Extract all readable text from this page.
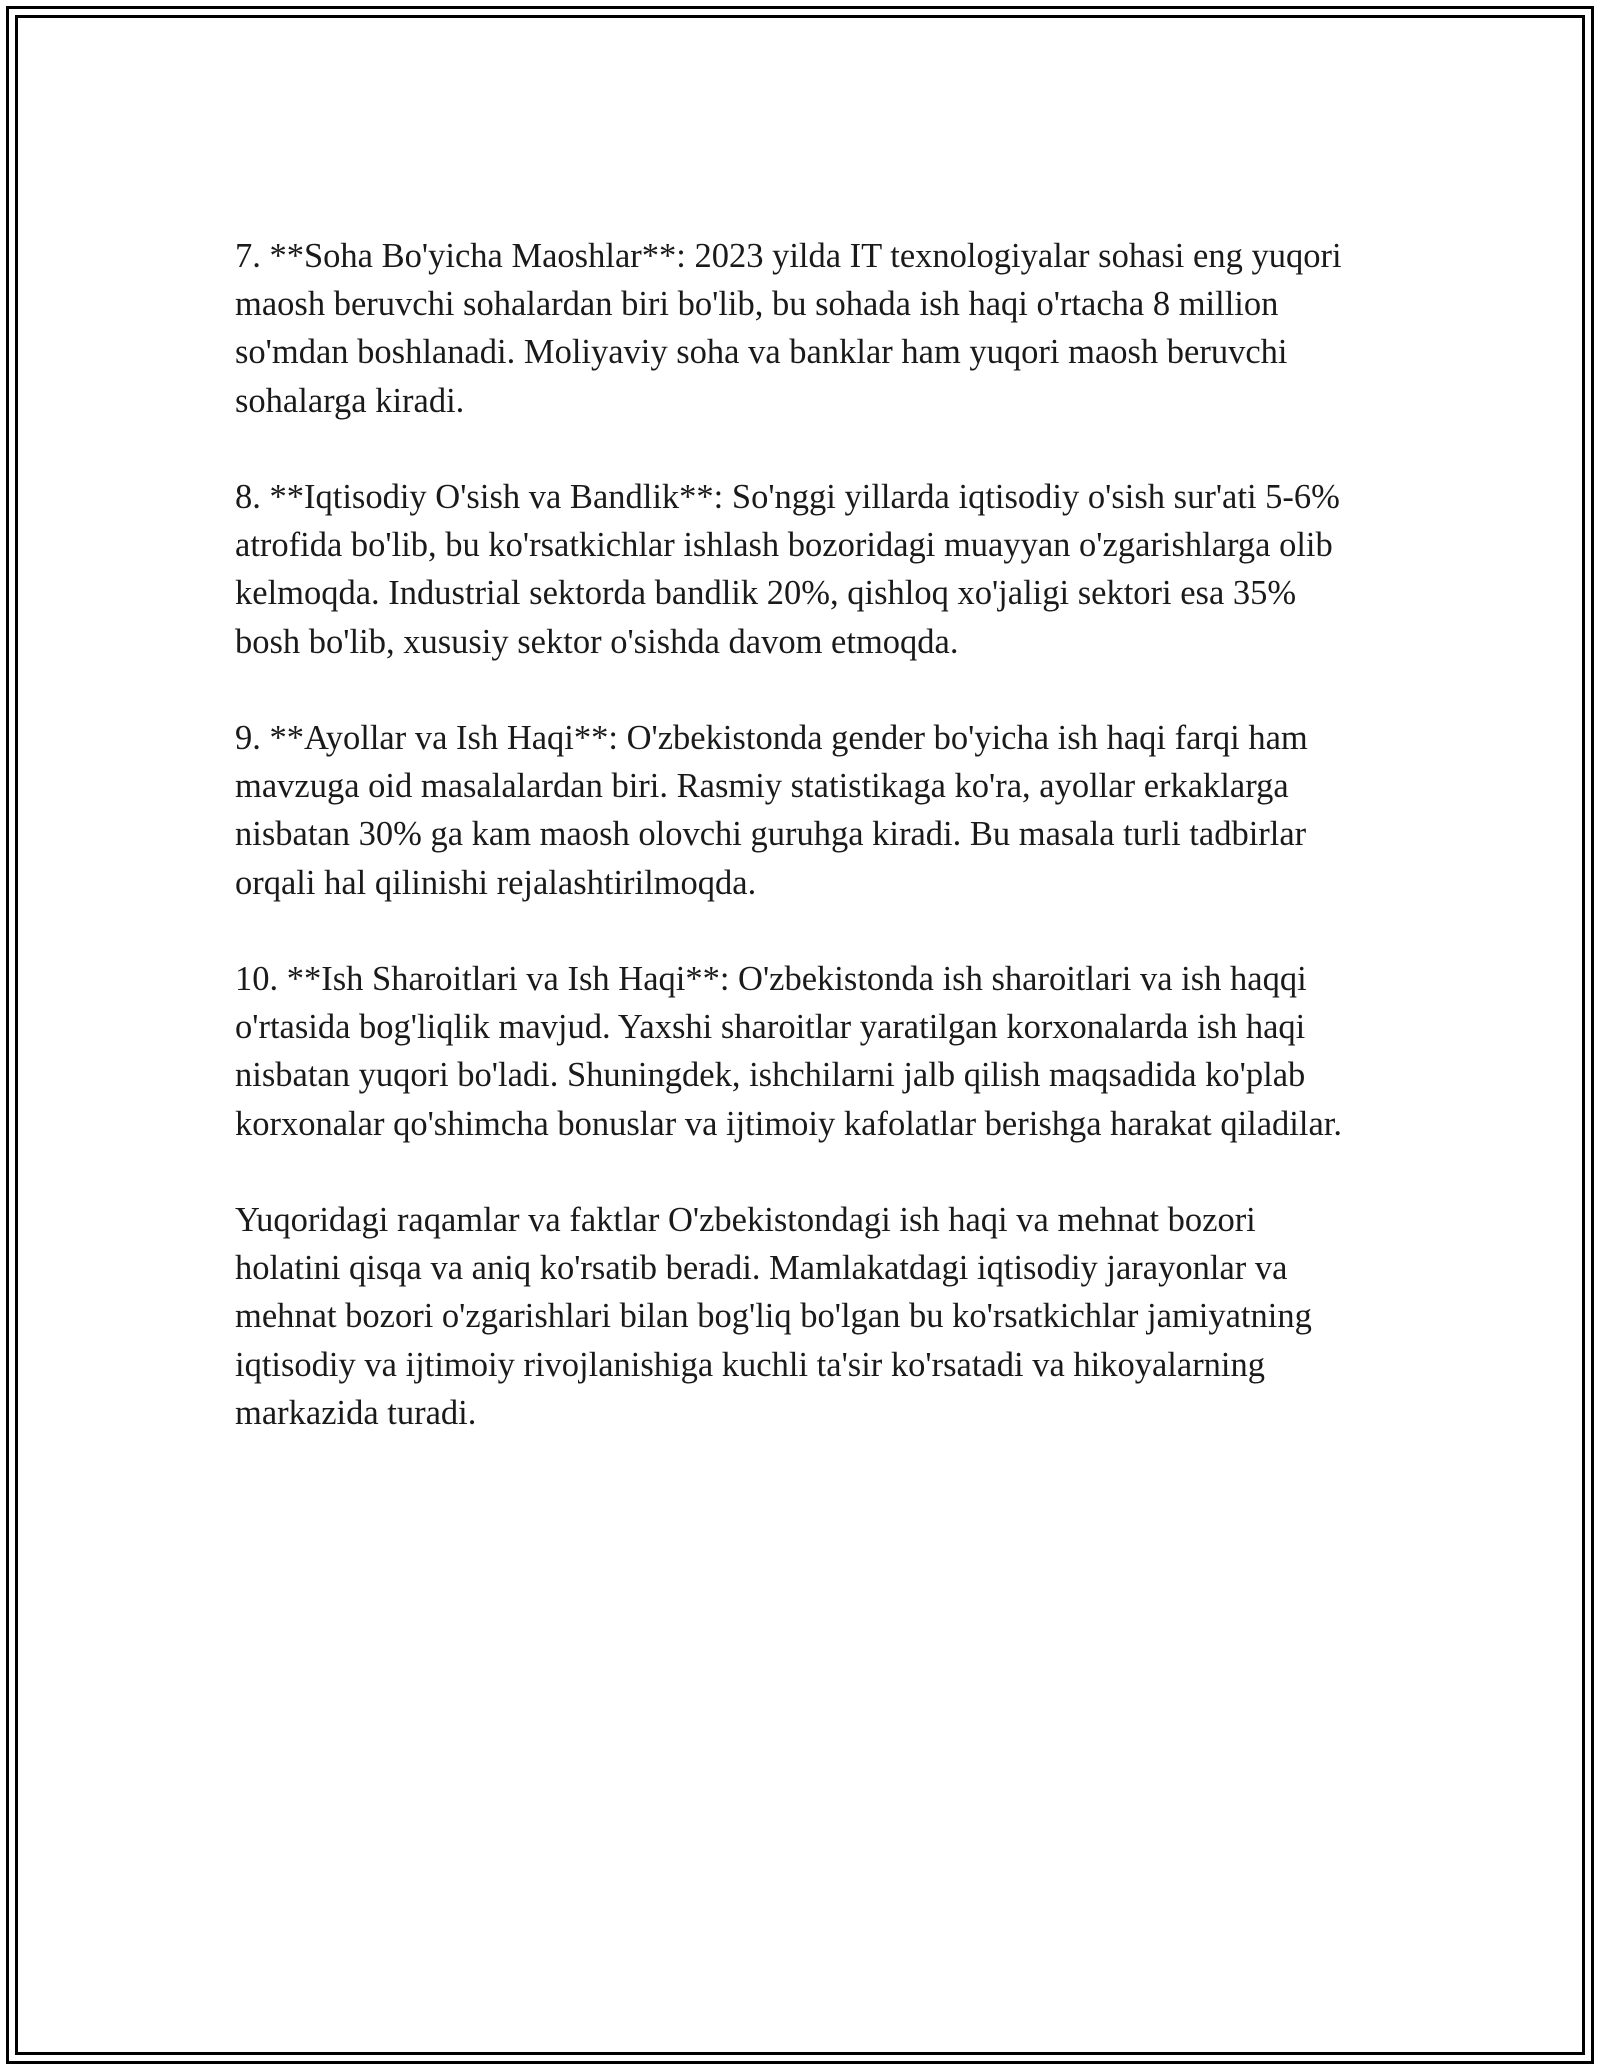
7. **Soha Bo'yicha Maoshlar**: 2023 yilda IT texnologiyalar sohasi eng yuqori maosh beruvchi sohalardan biri bo'lib, bu sohada ish haqi o'rtacha 8 million so'mdan boshlanadi. Moliyaviy soha va banklar ham yuqori maosh beruvchi sohalarga kiradi.

8. **Iqtisodiy O'sish va Bandlik**: So'nggi yillarda iqtisodiy o'sish sur'ati 5-6% atrofida bo'lib, bu ko'rsatkichlar ishlash bozoridagi muayyan o'zgarishlarga olib kelmoqda. Industrial sektorda bandlik 20%, qishloq xo'jaligi sektori esa 35% bosh bo'lib, xususiy sektor o'sishda davom etmoqda.

9. **Ayollar va Ish Haqi**: O'zbekistonda gender bo'yicha ish haqi farqi ham mavzuga oid masalalardan biri. Rasmiy statistikaga ko'ra, ayollar erkaklarga nisbatan 30% ga kam maosh olovchi guruhga kiradi. Bu masala turli tadbirlar orqali hal qilinishi rejalashtirilmoqda.

10. **Ish Sharoitlari va Ish Haqi**: O'zbekistonda ish sharoitlari va ish haqqi o'rtasida bog'liqlik mavjud. Yaxshi sharoitlar yaratilgan korxonalarda ish haqi nisbatan yuqori bo'ladi. Shuningdek, ishchilarni jalb qilish maqsadida ko'plab korxonalar qo'shimcha bonuslar va ijtimoiy kafolatlar berishga harakat qiladilar.

Yuqoridagi raqamlar va faktlar O'zbekistondagi ish haqi va mehnat bozori holatini qisqa va aniq ko'rsatib beradi. Mamlakatdagi iqtisodiy jarayonlar va mehnat bozori o'zgarishlari bilan bog'liq bo'lgan bu ko'rsatkichlar jamiyatning iqtisodiy va ijtimoiy rivojlanishiga kuchli ta'sir ko'rsatadi va hikoyalarning markazida turadi.
